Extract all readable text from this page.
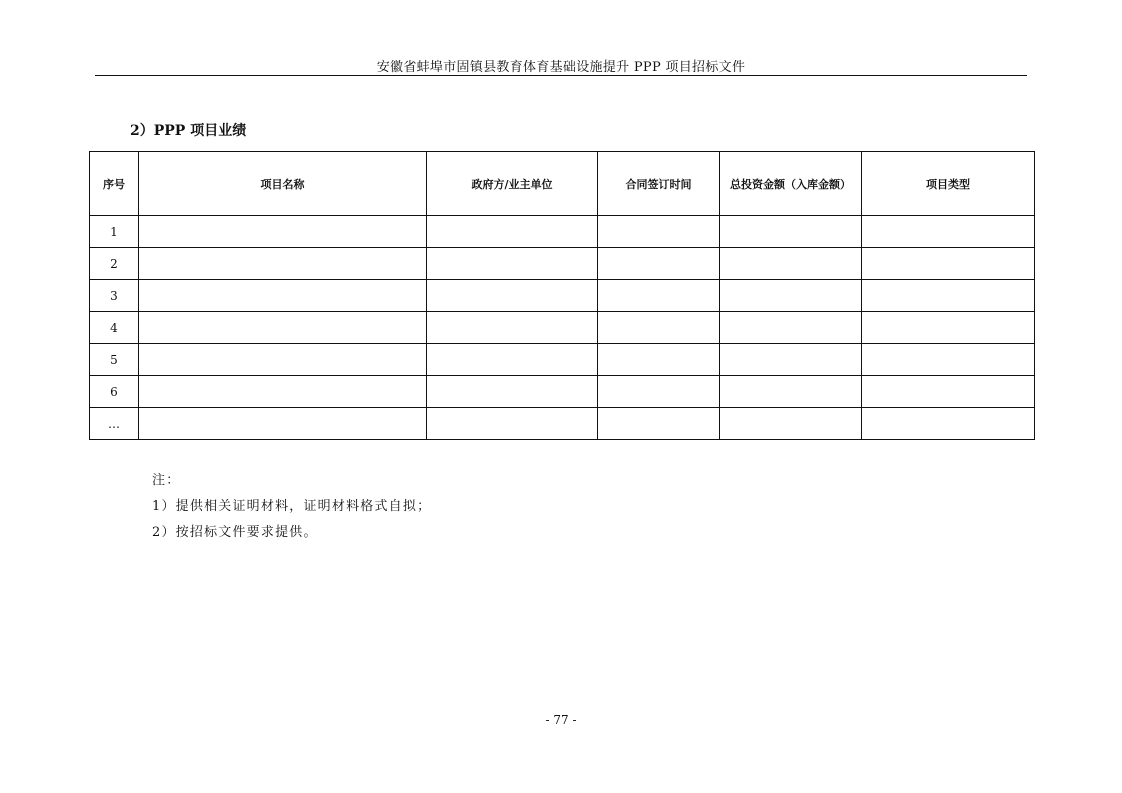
安徽省蚌埠市固镇县教育体育基础设施提升 PPP 项目招标文件
2）PPP 项目业绩
序号	项目名称	政府方/业主单位	合同签订时间	总投资金额（入库金额）	项目类型
1					
2					
3					
4					
5					
6					
…					
注：
1）提供相关证明材料，证明材料格式自拟；
2）按招标文件要求提供。
- 77 -
